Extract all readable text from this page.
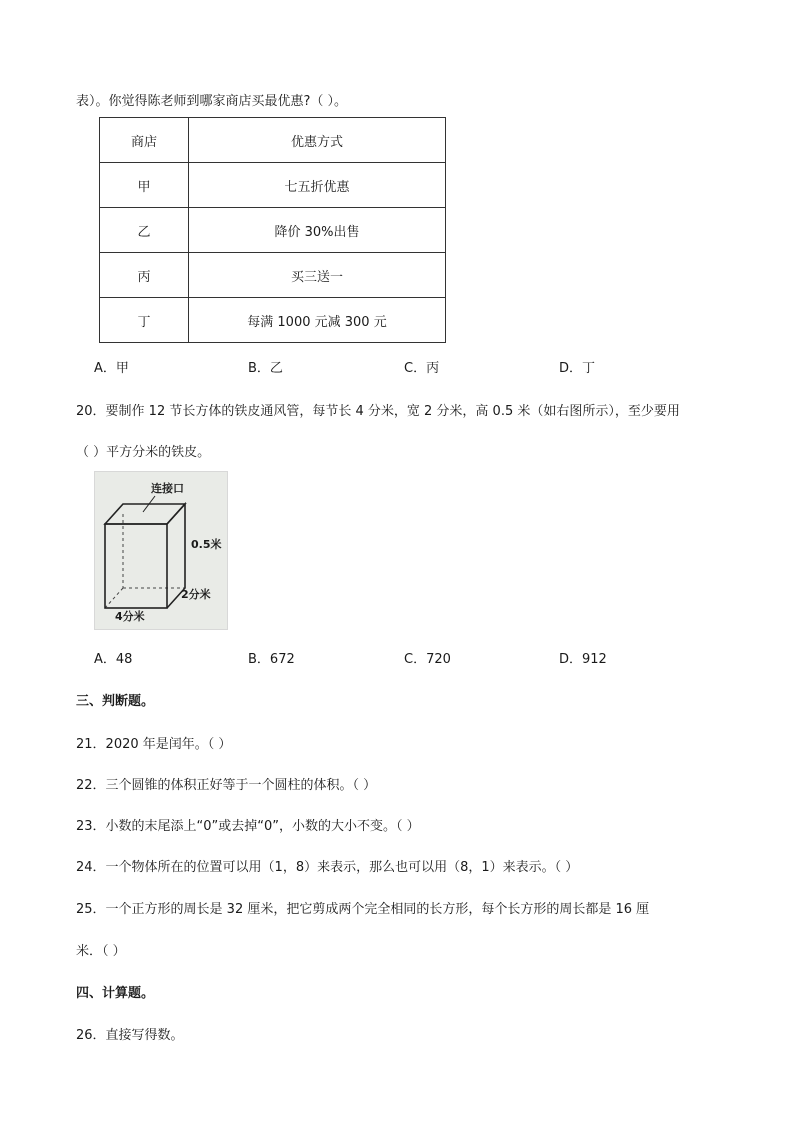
表）。你觉得陈老师到哪家商店买最优惠?（ ）。
商店	优惠方式
甲	七五折优惠
乙	降价 30%出售
丙	买三送一
丁	每满 1000 元减 300 元
A．甲	B．乙	C．丙	D．丁
20．要制作 12 节长方体的铁皮通风管，每节长 4 分米，宽 2 分米，高 0.5 米（如右图所示），至少要用
（ ）平方分米的铁皮。
连接口
0.5米
2分米
4分米
A．48	B．672	C．720	D．912
三、判断题。
21．2020 年是闰年。（ ）
22．三个圆锥的体积正好等于一个圆柱的体积。（ ）
23．小数的末尾添上“0”或去掉“0”，小数的大小不变。（ ）
24．一个物体所在的位置可以用（1，8）来表示，那么也可以用（8，1）来表示。（ ）
25．一个正方形的周长是 32 厘米，把它剪成两个完全相同的长方形，每个长方形的周长都是 16 厘
米．（ ）
四、计算题。
26．直接写得数。
